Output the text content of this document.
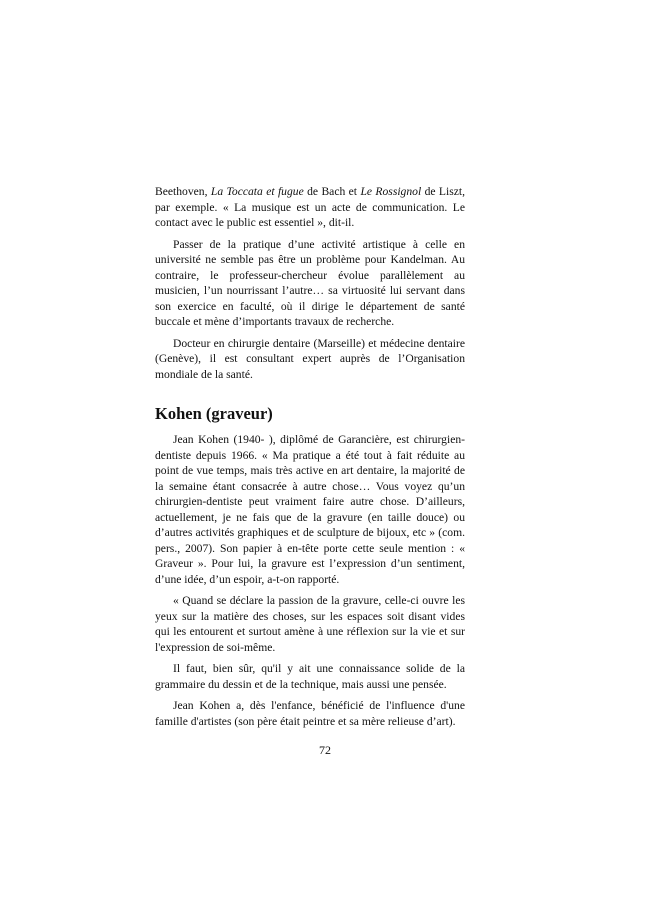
Beethoven, La Toccata et fugue de Bach et Le Rossignol de Liszt, par exemple. « La musique est un acte de communication. Le contact avec le public est essentiel », dit-il.

Passer de la pratique d’une activité artistique à celle en université ne semble pas être un problème pour Kandelman. Au contraire, le professeur-chercheur évolue parallèlement au musicien, l’un nourrissant l’autre… sa virtuosité lui servant dans son exercice en faculté, où il dirige le département de santé buccale et mène d’importants travaux de recherche.

Docteur en chirurgie dentaire (Marseille) et médecine dentaire (Genève), il est consultant expert auprès de l’Organisation mondiale de la santé.

Kohen (graveur)

Jean Kohen (1940- ), diplômé de Garancière, est chirurgien-dentiste depuis 1966. « Ma pratique a été tout à fait réduite au point de vue temps, mais très active en art dentaire, la majorité de la semaine étant consacrée à autre chose… Vous voyez qu’un chirurgien-dentiste peut vraiment faire autre chose. D’ailleurs, actuellement, je ne fais que de la gravure (en taille douce) ou d’autres activités graphiques et de sculpture de bijoux, etc » (com. pers., 2007). Son papier à en-tête porte cette seule mention : « Graveur ». Pour lui, la gravure est l’expression d’un sentiment, d’une idée, d’un espoir, a-t-on rapporté.

« Quand se déclare la passion de la gravure, celle-ci ouvre les yeux sur la matière des choses, sur les espaces soit disant vides qui les entourent et surtout amène à une réflexion sur la vie et sur l'expression de soi-même.

Il faut, bien sûr, qu'il y ait une connaissance solide de la grammaire du dessin et de la technique, mais aussi une pensée.

Jean Kohen a, dès l'enfance, bénéficié de l'influence d'une famille d'artistes (son père était peintre et sa mère relieuse d’art).

72
